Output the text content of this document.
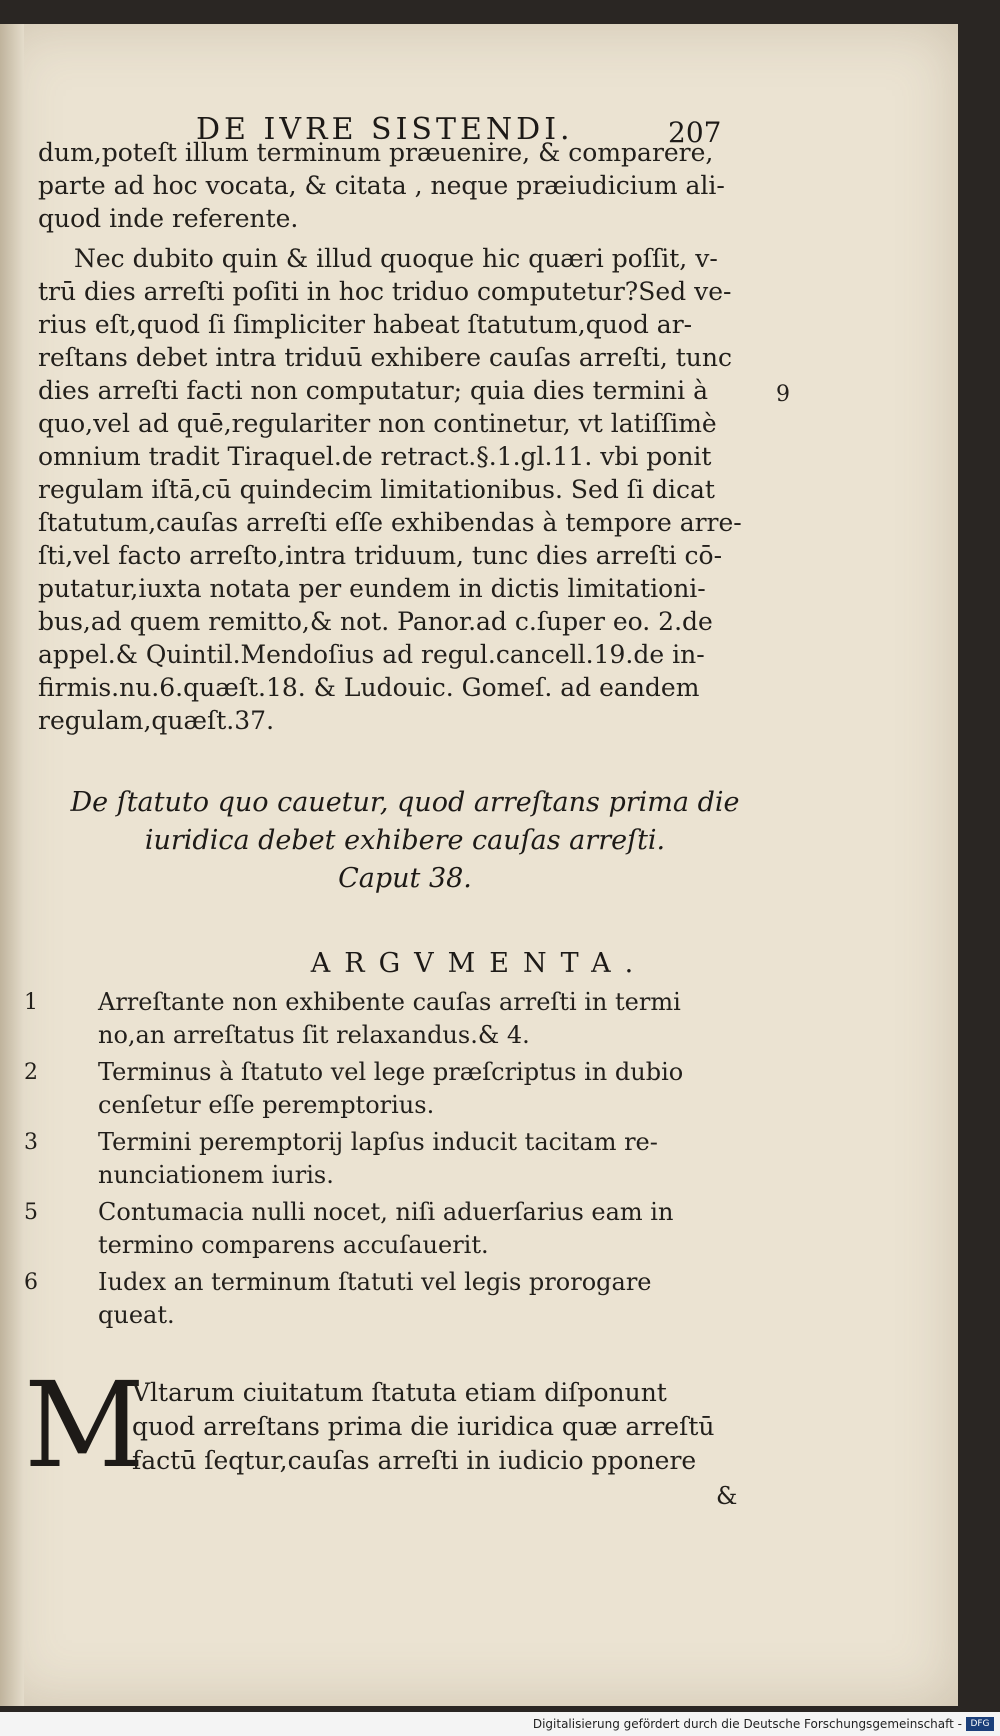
DE IVRE SISTENDI.	207
dum,poteſt illum terminum præuenire, & comparere,
parte ad hoc vocata, & citata , neque præiudicium ali-
quod inde referente.
Nec dubito quin & illud quoque hic quæri poſſit, v-
trū dies arreſti poſiti in hoc triduo computetur?Sed ve-
rius eſt,quod ſi ſimpliciter habeat ſtatutum,quod ar-
reſtans debet intra triduū exhibere cauſas arreſti, tunc
dies arreſti facti non computatur; quia dies termini à
quo,vel ad quē,regulariter non continetur, vt latiſſimè
omnium tradit Tiraquel.de retract.§.1.gl.11. vbi ponit
regulam iſtā,cū quindecim limitationibus. Sed ſi dicat
ſtatutum,cauſas arreſti eſſe exhibendas à tempore arre-
ſti,vel facto arreſto,intra triduum, tunc dies arreſti cō-
putatur,iuxta notata per eundem in dictis limitationi-
bus,ad quem remitto,& not. Panor.ad c.ſuper eo. 2.de
appel.& Quintil.Mendoſius ad regul.cancell.19.de in-
firmis.nu.6.quæſt.18. & Ludouic. Gomeſ. ad eandem
regulam,quæſt.37.
9
De ſtatuto quo cauetur, quod arreſtans prima die
iuridica debet exhibere cauſas arreſti.
Caput 38.
ARGVMENTA.
1	Arreſtante non exhibente cauſas arreſti in termi
no,an arreſtatus ſit relaxandus.& 4.
2	Terminus à ſtatuto vel lege præſcriptus in dubio
cenſetur eſſe peremptorius.
3	Termini peremptorij lapſus inducit tacitam re-
nunciationem iuris.
5	Contumacia nulli nocet, niſi aduerſarius eam in
termino comparens accuſauerit.
6	Iudex an terminum ſtatuti vel legis prorogare
queat.
M
Vltarum ciuitatum ſtatuta etiam diſponunt
quod arreſtans prima die iuridica quæ arreſtū
factū ſeqtur,cauſas arreſti in iudicio pponere
&
Digitalisierung gefördert durch die Deutsche Forschungsgemeinschaft - DFG
